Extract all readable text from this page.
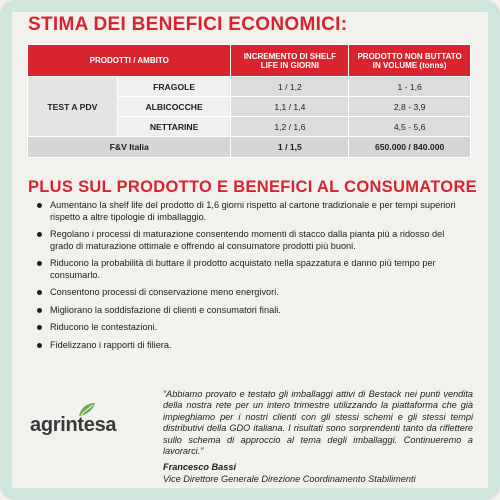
STIMA DEI BENEFICI ECONOMICI:
PRODOTTI / AMBITO		INCREMENTO DI SHELF LIFE IN GIORNI	PRODOTTO NON BUTTATO IN VOLUME (tonns)
TEST A PDV	FRAGOLE	1 / 1,2	1 - 1,6
	ALBICOCCHE	1,1 / 1,4	2,8 - 3,9
	NETTARINE	1,2 / 1,6	4,5 - 5,6
F&V Italia		1 / 1,5	650.000 / 840.000
PLUS SUL PRODOTTO E BENEFICI AL CONSUMATORE
Aumentano la shelf life del prodotto di 1,6 giorni rispetto al cartone tradizionale e per tempi superiori rispetto a altre tipologie di imballaggio.
Regolano i processi di maturazione consentendo momenti di stacco dalla pianta più a ridosso del grado di maturazione ottimale e offrendo al consumatore prodotti più buoni.
Riducono la probabilità di buttare il prodotto acquistato nella spazzatura e danno più tempo per consumarlo.
Consentono processi di conservazione meno energivori.
Migliorano la soddisfazione di clienti e consumatori finali.
Riducono le contestazioni.
Fidelizzano i rapporti di filiera.
agrintesa
“Abbiamo provato e testato gli imballaggi attivi di Bestack nei punti vendita della nostra rete per un intero trimestre utilizzando la piattaforma che già impieghiamo per i nostri clienti con gli stessi schemi e gli stessi tempi distributivi della GDO italiana. I risultati sono sorprendenti tanto da riflettere sullo schema di approccio al tema degli imballaggi. Continueremo a lavorarci.”
Francesco Bassi
Vice Direttore Generale Direzione Coordinamento Stabilimenti
